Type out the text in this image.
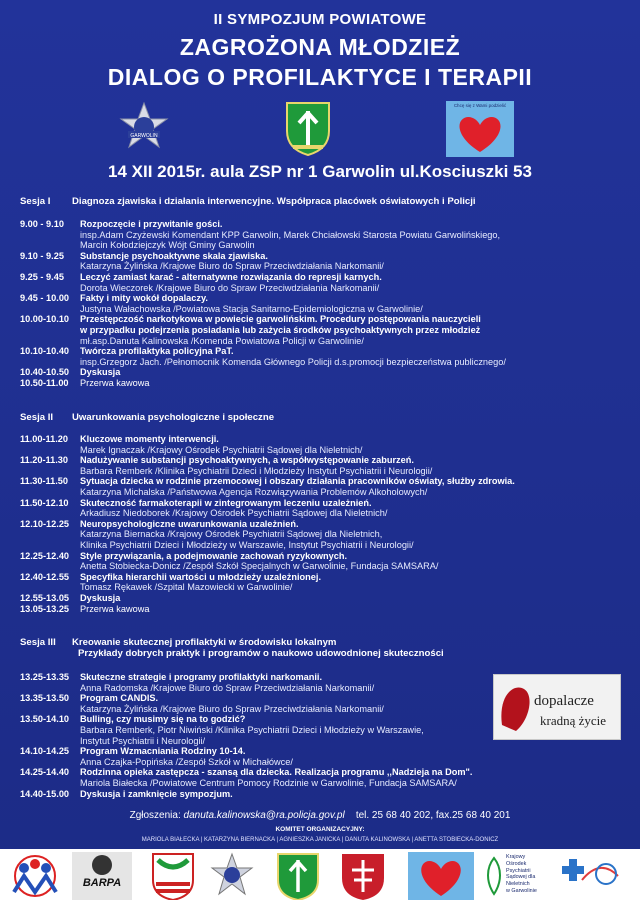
II SYMPOZJUM POWIATOWE
ZAGROŻONA MŁODZIEŻ
DIALOG O PROFILAKTYCE I TERAPII
GARWOLIN
Chcę się z Wami podzielić
14 XII 2015r. aula ZSP nr 1 Garwolin ul.Kosciuszki 53
Sesja I Diagnoza zjawiska i działania interwencyjne. Współpraca placówek oświatowych i Policji
9.00 - 9.10	Rozpoczęcie i przywitanie gości.
insp.Adam Czyżewski Komendant KPP Garwolin, Marek Chciałowski Starosta Powiatu Garwolińskiego,
Marcin Kołodziejczyk Wójt Gminy Garwolin
9.10 - 9.25	Substancje psychoaktywne skala zjawiska.
Katarzyna Żylińska /Krajowe Biuro do Spraw Przeciwdziałania Narkomanii/
9.25 - 9.45	Leczyć zamiast karać - alternatywne rozwiązania do represji karnych.
Dorota Wieczorek /Krajowe Biuro do Spraw Przeciwdziałania Narkomanii/
9.45 - 10.00	Fakty i mity wokół dopalaczy.
Justyna Wałachowska /Powiatowa Stacja Sanitarno-Epidemiologiczna w Garwolinie/
10.00-10.10	Przestępczość narkotykowa w powiecie garwolińskim. Procedury postępowania nauczycieli
w przypadku podejrzenia posiadania lub zażycia środków psychoaktywnych przez młodzież
mł.asp.Danuta Kalinowska /Komenda Powiatowa Policji w Garwolinie/
10.10-10.40	Twórcza profilaktyka policyjna PaT.
insp.Grzegorz Jach. /Pełnomocnik Komenda Głównego Policji d.s.promocji bezpieczeństwa publicznego/
10.40-10.50	Dyskusja
10.50-11.00	Przerwa kawowa
Sesja II Uwarunkowania psychologiczne i społeczne
11.00-11.20	Kluczowe momenty interwencji.
Marek Ignaczak /Krajowy Ośrodek Psychiatrii Sądowej dla Nieletnich/
11.20-11.30	Nadużywanie substancji psychoaktywnych, a współwystępowanie zaburzeń.
Barbara Remberk /Klinika Psychiatrii Dzieci i Młodzieży Instytut Psychiatrii i Neurologii/
11.30-11.50	Sytuacja dziecka w rodzinie przemocowej i obszary działania pracowników oświaty, służby zdrowia.
Katarzyna Michalska /Państwowa Agencja Rozwiązywania Problemów Alkoholowych/
11.50-12.10	Skuteczność farmakoterapii w zintegrowanym leczeniu uzależnień.
Arkadiusz Niedoborek /Krajowy Ośrodek Psychiatrii Sądowej dla Nieletnich/
12.10-12.25	Neuropsychologiczne uwarunkowania uzależnień.
Katarzyna Biernacka /Krajowy Ośrodek Psychiatrii Sądowej dla Nieletnich,
Klinika Psychiatrii Dzieci i Młodzieży w Warszawie, Instytut Psychiatrii i Neurologii/
12.25-12.40	Style przywiązania, a podejmowanie zachowań ryzykownych.
Anetta Stobiecka-Donicz /Zespół Szkół Specjalnych w Garwolinie, Fundacja SAMSARA/
12.40-12.55	Specyfika hierarchii wartości u młodzieży uzależnionej.
Tomasz Rękawek /Szpital Mazowiecki w Garwolinie/
12.55-13.05	Dyskusja
13.05-13.25	Przerwa kawowa
Sesja III Kreowanie skutecznej profilaktyki w środowisku lokalnym
Przykłady dobrych praktyk i programów o naukowo udowodnionej skuteczności
13.25-13.35	Skuteczne strategie i programy profilaktyki narkomanii.
Anna Radomska /Krajowe Biuro do Spraw Przeciwdziałania Narkomanii/
13.35-13.50	Program CANDIS.
Katarzyna Żylińska /Krajowe Biuro do Spraw Przeciwdziałania Narkomanii/
13.50-14.10	Bulling, czy musimy się na to godzić?
Barbara Remberk, Piotr Niwiński /Klinika Psychiatrii Dzieci i Młodzieży w Warszawie,
Instytut Psychiatrii i Neurologii/
14.10-14.25	Program Wzmacniania Rodziny 10-14.
Anna Czajka-Popińska /Zespół Szkół w Michałówce/
14.25-14.40	Rodzinna opieka zastępcza - szansą dla dziecka. Realizacja programu ,,Nadzieja na Dom".
Mariola Białecka /Powiatowe Centrum Pomocy Rodzinie w Garwolinie, Fundacja SAMSARA/
14.40-15.00	Dyskusja i zamknięcie sympozjum.
dopalacze
kradną życie
Zgłoszenia: danuta.kalinowska@ra.policja.gov.pl tel. 25 68 40 202, fax.25 68 40 201
KOMITET ORGANIZACYJNY:
MARIOLA BIAŁECKA | KATARZYNA BIERNACKA | AGNIESZKA JANICKA | DANUTA KALINOWSKA | ANETTA STOBIECKA-DONICZ
BARPA
Krajowy
Ośrodek
Psychiatrii
Sądowej dla
Nieletnich
w Garwolinie
